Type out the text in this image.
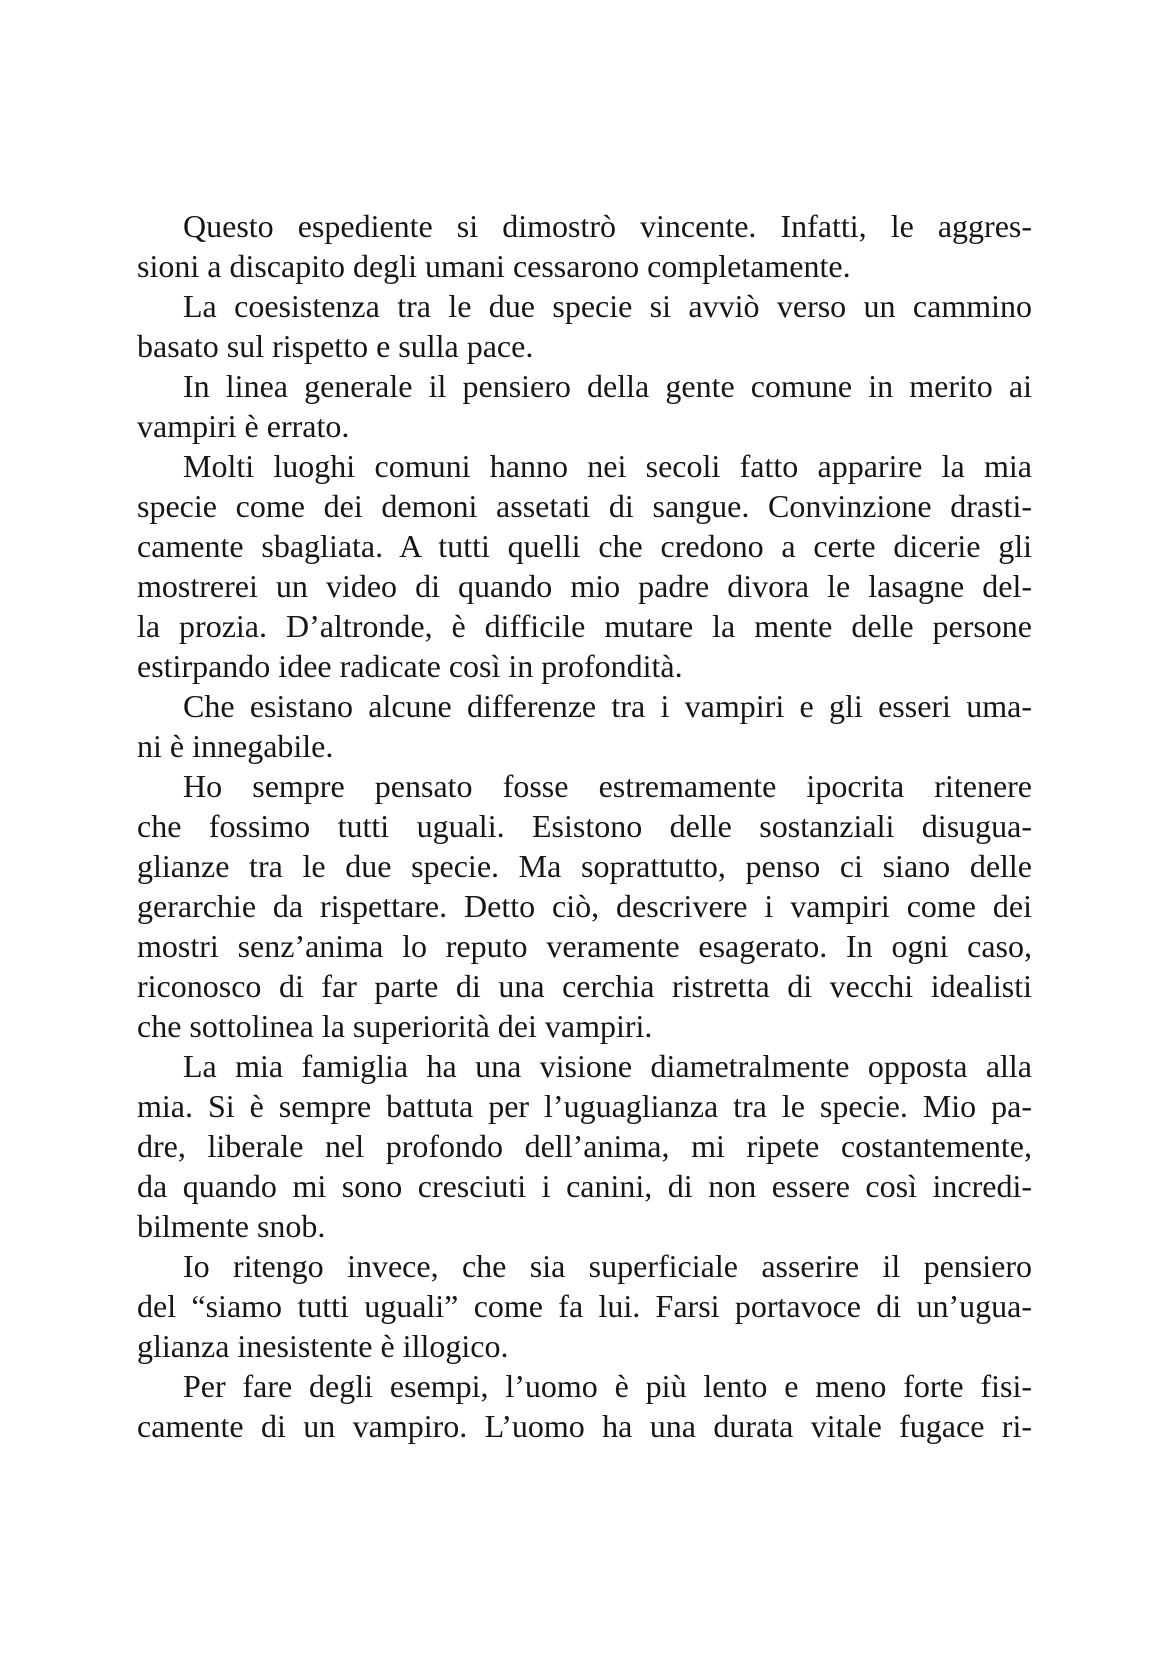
Questo espediente si dimostrò vincente. Infatti, le aggres-
sioni a discapito degli umani cessarono completamente.
La coesistenza tra le due specie si avviò verso un cammino
basato sul rispetto e sulla pace.
In linea generale il pensiero della gente comune in merito ai
vampiri è errato.
Molti luoghi comuni hanno nei secoli fatto apparire la mia
specie come dei demoni assetati di sangue. Convinzione drasti-
camente sbagliata. A tutti quelli che credono a certe dicerie gli
mostrerei un video di quando mio padre divora le lasagne del-
la prozia. D’altronde, è difficile mutare la mente delle persone
estirpando idee radicate così in profondità.
Che esistano alcune differenze tra i vampiri e gli esseri uma-
ni è innegabile.
Ho sempre pensato fosse estremamente ipocrita ritenere
che fossimo tutti uguali. Esistono delle sostanziali disugua-
glianze tra le due specie. Ma soprattutto, penso ci siano delle
gerarchie da rispettare. Detto ciò, descrivere i vampiri come dei
mostri senz’anima lo reputo veramente esagerato. In ogni caso,
riconosco di far parte di una cerchia ristretta di vecchi idealisti
che sottolinea la superiorità dei vampiri.
La mia famiglia ha una visione diametralmente opposta alla
mia. Si è sempre battuta per l’uguaglianza tra le specie. Mio pa-
dre, liberale nel profondo dell’anima, mi ripete costantemente,
da quando mi sono cresciuti i canini, di non essere così incredi-
bilmente snob.
Io ritengo invece, che sia superficiale asserire il pensiero
del “siamo tutti uguali” come fa lui. Farsi portavoce di un’ugua-
glianza inesistente è illogico.
Per fare degli esempi, l’uomo è più lento e meno forte fisi-
camente di un vampiro. L’uomo ha una durata vitale fugace ri-
